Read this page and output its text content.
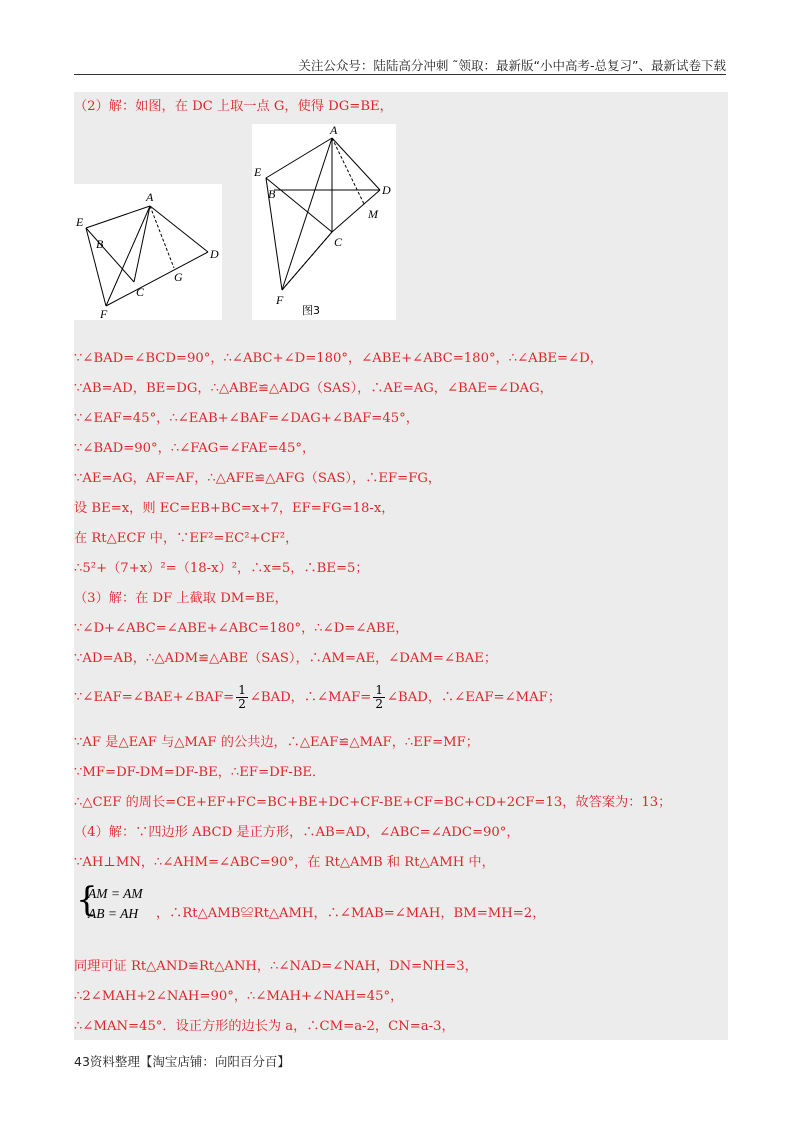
关注公众号：陆陆高分冲刺 ˜领取：最新版“小中高考-总复习”、最新试卷下载
（2）解：如图，在 DC 上取一点 G，使得 DG=BE，
A
E
B
D
G
C
F
A
E
B	D
M
C
F
图3
∵∠BAD=∠BCD=90°，∴∠ABC+∠D=180°，∠ABE+∠ABC=180°，∴∠ABE=∠D，
∵AB=AD，BE=DG，∴△ABE≌△ADG（SAS），∴AE=AG，∠BAE=∠DAG，
∵∠EAF=45°，∴∠EAB+∠BAF=∠DAG+∠BAF=45°，
∵∠BAD=90°，∴∠FAG=∠FAE=45°，
∵AE=AG，AF=AF，∴△AFE≌△AFG（SAS），∴EF=FG，
设 BE=x，则 EC=EB+BC=x+7，EF=FG=18-x，
在 Rt△ECF 中，∵EF²=EC²+CF²，
∴5²+（7+x）²=（18-x）²，∴x=5，∴BE=5；
（3）解：在 DF 上截取 DM=BE，
∵∠D+∠ABC=∠ABE+∠ABC=180°，∴∠D=∠ABE，
∵AD=AB，∴△ADM≌△ABE（SAS），∴AM=AE，∠DAM=∠BAE；
∵∠EAF=∠BAE+∠BAF= $\frac{1}{2}$ ∠BAD，∴∠MAF= $\frac{1}{2}$ ∠BAD，∴∠EAF=∠MAF；
∵AF 是△EAF 与△MAF 的公共边，∴△EAF≌△MAF，∴EF=MF；
∵MF=DF-DM=DF-BE，∴EF=DF-BE．
∴△CEF 的周长=CE+EF+FC=BC+BE+DC+CF-BE+CF=BC+CD+2CF=13，故答案为：13；
（4）解：∵四边形 ABCD 是正方形，∴AB=AD，∠ABC=∠ADC=90°，
∵AH⊥MN，∴∠AHM=∠ABC=90°，在 Rt△AMB 和 Rt△AMH 中，
{
AM = AM
AB = AH ，∴Rt△AMB≌Rt△AMH，∴∠MAB=∠MAH，BM=MH=2，
同理可证 Rt△AND≌Rt△ANH，∴∠NAD=∠NAH，DN=NH=3，
∴2∠MAH+2∠NAH=90°，∴∠MAH+∠NAH=45°，
∴∠MAN=45°．设正方形的边长为 a，∴CM=a-2，CN=a-3，
43资料整理【淘宝店铺：向阳百分百】
